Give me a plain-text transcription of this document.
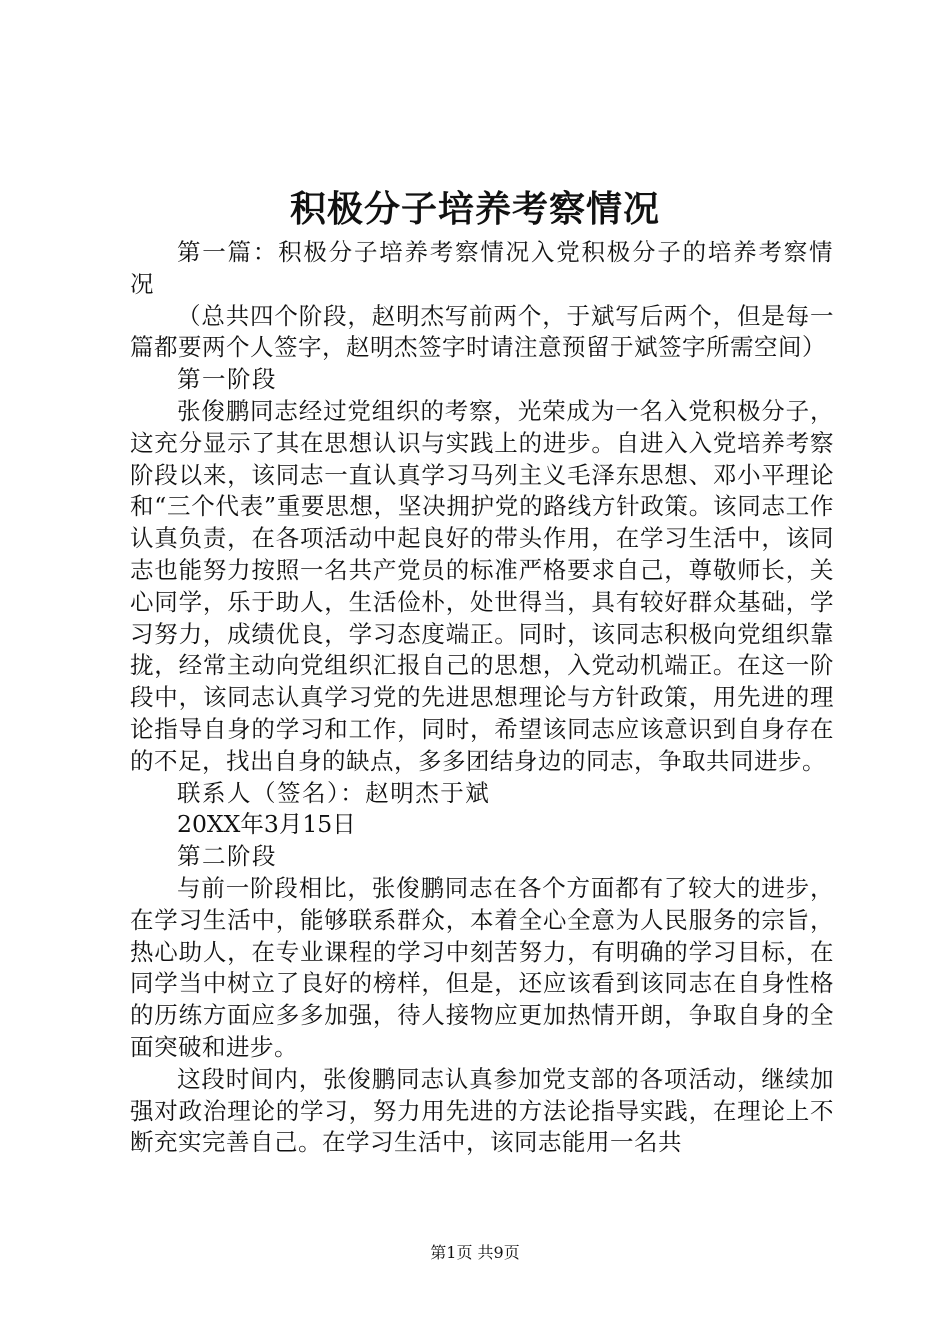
积极分子培养考察情况

第一篇：积极分子培养考察情况入党积极分子的培养考察情况

（总共四个阶段，赵明杰写前两个，于斌写后两个，但是每一篇都要两个人签字，赵明杰签字时请注意预留于斌签字所需空间）

第一阶段

张俊鹏同志经过党组织的考察，光荣成为一名入党积极分子，这充分显示了其在思想认识与实践上的进步。自进入入党培养考察阶段以来，该同志一直认真学习马列主义毛泽东思想、邓小平理论和“三个代表”重要思想，坚决拥护党的路线方针政策。该同志工作认真负责，在各项活动中起良好的带头作用，在学习生活中，该同志也能努力按照一名共产党员的标准严格要求自己，尊敬师长，关心同学，乐于助人，生活俭朴，处世得当，具有较好群众基础，学习努力，成绩优良，学习态度端正。同时，该同志积极向党组织靠拢，经常主动向党组织汇报自己的思想，入党动机端正。在这一阶段中，该同志认真学习党的先进思想理论与方针政策，用先进的理论指导自身的学习和工作，同时，希望该同志应该意识到自身存在的不足，找出自身的缺点，多多团结身边的同志，争取共同进步。

联系人（签名）：赵明杰于斌

20XX年3月15日

第二阶段

与前一阶段相比，张俊鹏同志在各个方面都有了较大的进步，在学习生活中，能够联系群众，本着全心全意为人民服务的宗旨，热心助人，在专业课程的学习中刻苦努力，有明确的学习目标，在同学当中树立了良好的榜样，但是，还应该看到该同志在自身性格的历练方面应多多加强，待人接物应更加热情开朗，争取自身的全面突破和进步。

这段时间内，张俊鹏同志认真参加党支部的各项活动，继续加强对政治理论的学习，努力用先进的方法论指导实践，在理论上不断充实完善自己。在学习生活中，该同志能用一名共

第1页 共9页
